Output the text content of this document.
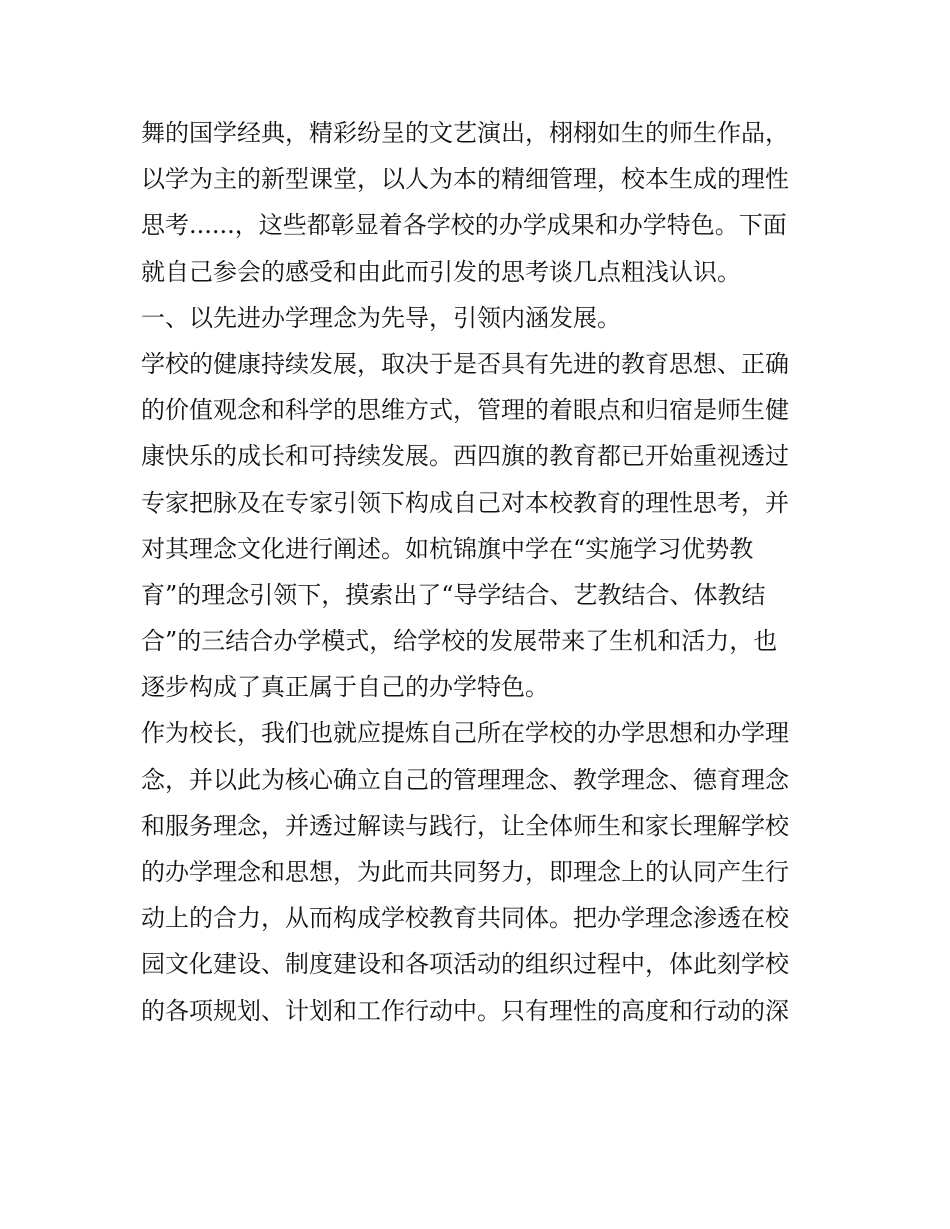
舞的国学经典，精彩纷呈的文艺演出，栩栩如生的师生作品，
以学为主的新型课堂，以人为本的精细管理，校本生成的理性
思考......，这些都彰显着各学校的办学成果和办学特色。下面
就自己参会的感受和由此而引发的思考谈几点粗浅认识。
一、以先进办学理念为先导，引领内涵发展。
学校的健康持续发展，取决于是否具有先进的教育思想、正确
的价值观念和科学的思维方式，管理的着眼点和归宿是师生健
康快乐的成长和可持续发展。西四旗的教育都已开始重视透过
专家把脉及在专家引领下构成自己对本校教育的理性思考，并
对其理念文化进行阐述。如杭锦旗中学在“实施学习优势教
育”的理念引领下，摸索出了“导学结合、艺教结合、体教结
合”的三结合办学模式，给学校的发展带来了生机和活力，也
逐步构成了真正属于自己的办学特色。
作为校长，我们也就应提炼自己所在学校的办学思想和办学理
念，并以此为核心确立自己的管理理念、教学理念、德育理念
和服务理念，并透过解读与践行，让全体师生和家长理解学校
的办学理念和思想，为此而共同努力，即理念上的认同产生行
动上的合力，从而构成学校教育共同体。把办学理念渗透在校
园文化建设、制度建设和各项活动的组织过程中，体此刻学校
的各项规划、计划和工作行动中。只有理性的高度和行动的深
